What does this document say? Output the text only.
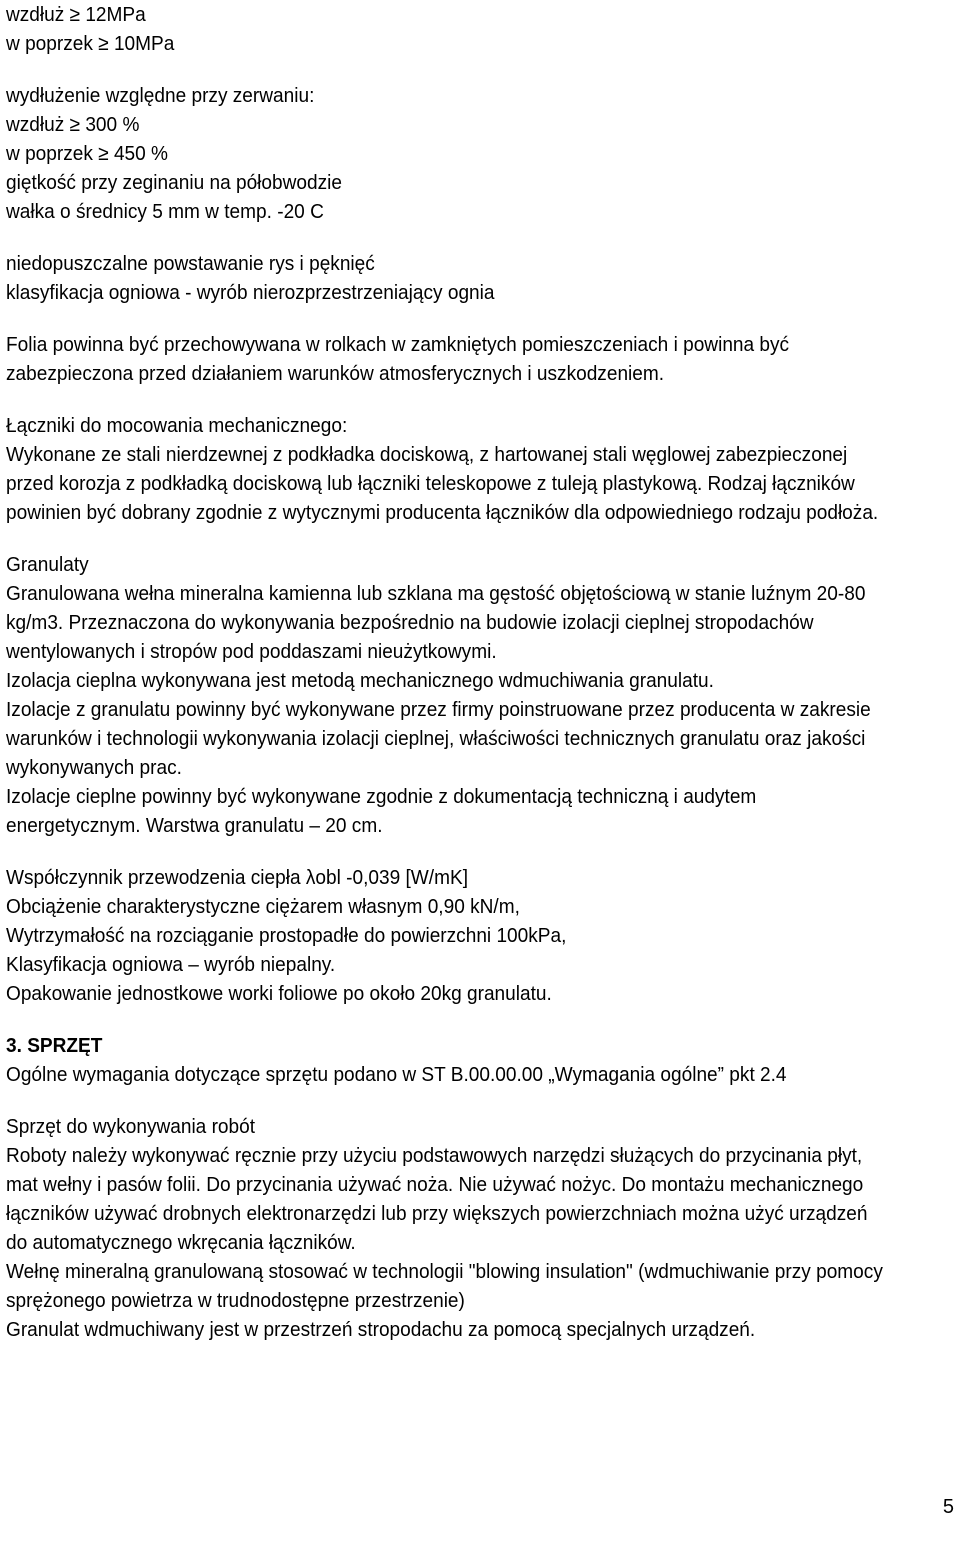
wzdłuż ≥ 12MPa
w poprzek ≥ 10MPa
wydłużenie względne przy zerwaniu:
wzdłuż ≥ 300 %
w poprzek ≥ 450 %
giętkość przy zeginaniu na półobwodzie
wałka o średnicy 5 mm w temp. -20 C
niedopuszczalne powstawanie rys i pęknięć
klasyfikacja ogniowa - wyrób nierozprzestrzeniający ognia
Folia powinna być przechowywana w rolkach w zamkniętych pomieszczeniach i powinna być
zabezpieczona przed działaniem warunków atmosferycznych i uszkodzeniem.
Łączniki do mocowania mechanicznego:
Wykonane ze stali nierdzewnej z podkładka dociskową, z hartowanej stali węglowej zabezpieczonej
przed korozja z podkładką dociskową lub łączniki teleskopowe z tuleją plastykową. Rodzaj łączników
powinien być dobrany zgodnie z wytycznymi producenta łączników dla odpowiedniego rodzaju podłoża.
Granulaty
Granulowana wełna mineralna kamienna lub szklana ma gęstość objętościową w stanie luźnym 20-80
kg/m3. Przeznaczona do wykonywania bezpośrednio na budowie izolacji cieplnej stropodachów
wentylowanych i stropów pod poddaszami nieużytkowymi.
Izolacja cieplna wykonywana jest metodą mechanicznego wdmuchiwania granulatu.
Izolacje z granulatu powinny być wykonywane przez firmy poinstruowane przez producenta w zakresie
warunków i technologii wykonywania izolacji cieplnej, właściwości technicznych granulatu oraz jakości
wykonywanych prac.
Izolacje cieplne powinny być wykonywane zgodnie z dokumentacją techniczną i audytem
energetycznym. Warstwa granulatu – 20 cm.
Współczynnik przewodzenia ciepła λobl -0,039 [W/mK]
Obciążenie charakterystyczne ciężarem własnym 0,90 kN/m,
Wytrzymałość na rozciąganie prostopadłe do powierzchni 100kPa,
Klasyfikacja ogniowa – wyrób niepalny.
Opakowanie jednostkowe worki foliowe po około 20kg granulatu.
3. SPRZĘT
Ogólne wymagania dotyczące sprzętu podano w ST B.00.00.00 „Wymagania ogólne” pkt 2.4
Sprzęt do wykonywania robót
Roboty należy wykonywać ręcznie przy użyciu podstawowych narzędzi służących do przycinania płyt,
mat wełny i pasów folii. Do przycinania używać noża. Nie używać nożyc. Do montażu mechanicznego
łączników używać drobnych elektronarzędzi lub przy większych powierzchniach można użyć urządzeń
do automatycznego wkręcania łączników.
Wełnę mineralną granulowaną stosować w technologii "blowing insulation" (wdmuchiwanie przy pomocy
sprężonego powietrza w trudnodostępne przestrzenie)
Granulat wdmuchiwany jest w przestrzeń stropodachu za pomocą specjalnych urządzeń.
5
